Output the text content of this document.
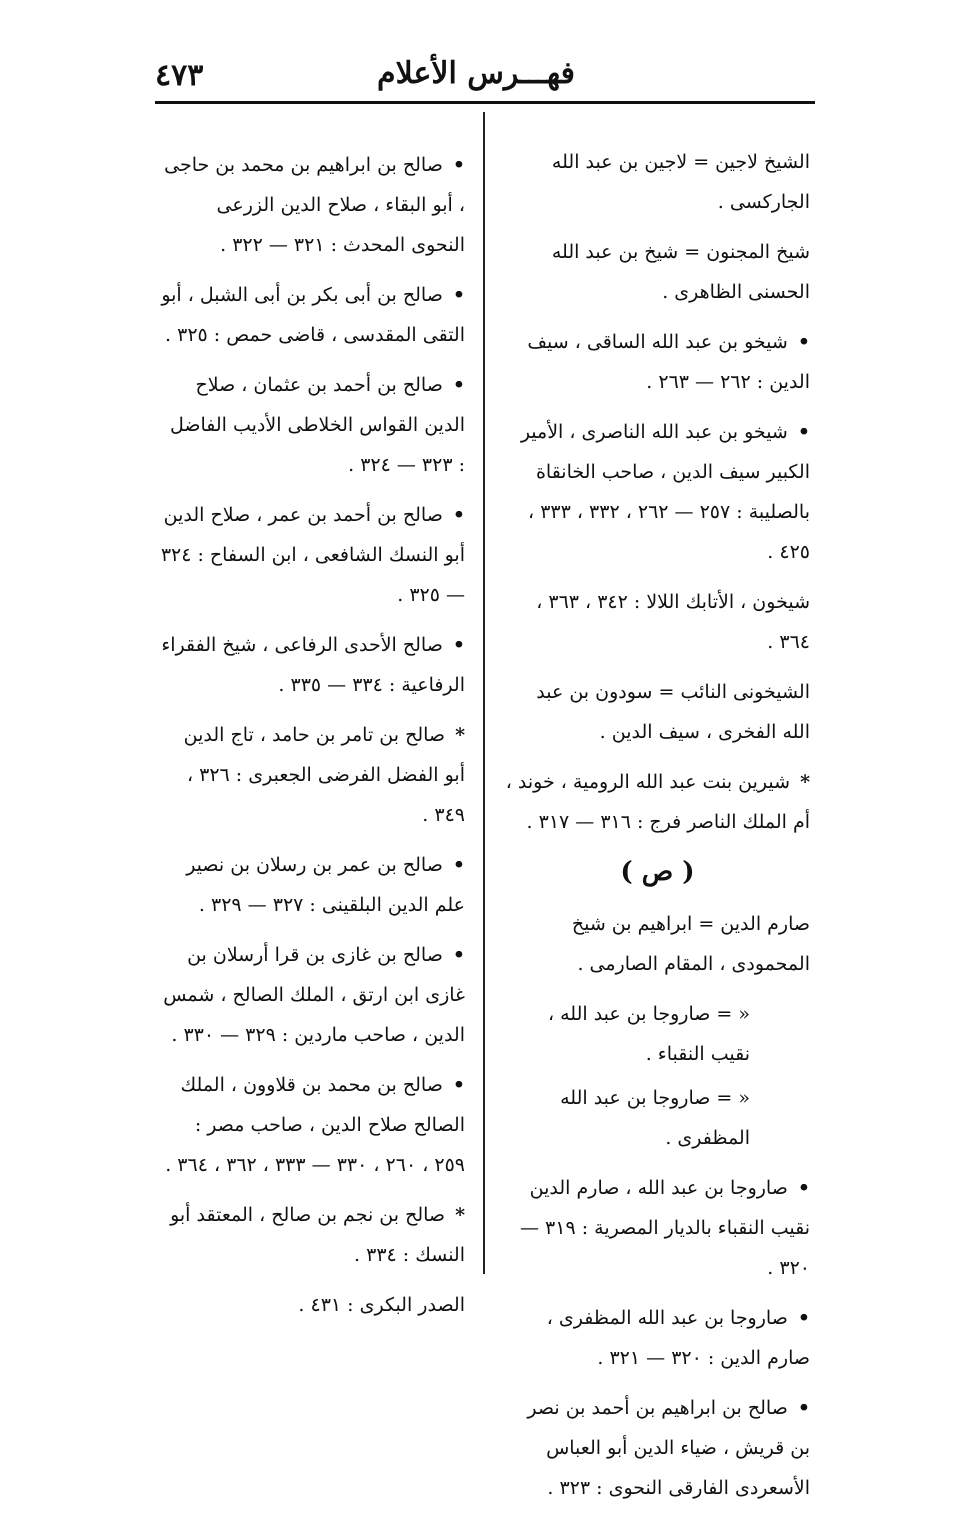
٤٧٣	فهـــرس الأعلام
الشيخ لاجين = لاجين بن عبد الله الجاركسى .
شيخ المجنون = شيخ بن عبد الله الحسنى الظاهرى .
•شيخو بن عبد الله الساقى ، سيف الدين : ٢٦٢ — ٢٦٣ .
•شيخو بن عبد الله الناصرى ، الأمير الكبير سيف الدين ، صاحب الخانقاة بالصليبة : ٢٥٧ — ٢٦٢ ، ٣٣٢ ، ٣٣٣ ، ٤٢٥ .
شيخون ، الأتابك اللالا : ٣٤٢ ، ٣٦٣ ، ٣٦٤ .
الشيخونى النائب = سودون بن عبد الله الفخرى ، سيف الدين .
*شيرين بنت عبد الله الرومية ، خوند ، أم الملك الناصر فرج : ٣١٦ — ٣١٧ .
( ص )
صارم الدين = ابراهيم بن شيخ المحمودى ، المقام الصارمى .
« = صاروجا بن عبد الله ، نقيب النقباء .
« = صاروجا بن عبد الله المظفرى .
•صاروجا بن عبد الله ، صارم الدين نقيب النقباء بالديار المصرية : ٣١٩ — ٣٢٠ .
•صاروجا بن عبد الله المظفرى ، صارم الدين : ٣٢٠ — ٣٢١ .
•صالح بن ابراهيم بن أحمد بن نصر بن قريش ، ضياء الدين أبو العباس الأسعردى الفارقى النحوى : ٣٢٣ .
•صالح بن ابراهيم بن محمد بن حاجى ، أبو البقاء ، صلاح الدين الزرعى النحوى المحدث : ٣٢١ — ٣٢٢ .
•صالح بن أبى بكر بن أبى الشبل ، أبو التقى المقدسى ، قاضى حمص : ٣٢٥ .
•صالح بن أحمد بن عثمان ، صلاح الدين القواس الخلاطى الأديب الفاضل : ٣٢٣ — ٣٢٤ .
•صالح بن أحمد بن عمر ، صلاح الدين أبو النسك الشافعى ، ابن السفاح : ٣٢٤ — ٣٢٥ .
•صالح الأحدى الرفاعى ، شيخ الفقراء الرفاعية : ٣٣٤ — ٣٣٥ .
*صالح بن تامر بن حامد ، تاج الدين أبو الفضل الفرضى الجعبرى : ٣٢٦ ، ٣٤٩ .
•صالح بن عمر بن رسلان بن نصير علم الدين البلقينى : ٣٢٧ — ٣٢٩ .
•صالح بن غازى بن قرا أرسلان بن غازى ابن ارتق ، الملك الصالح ، شمس الدين ، صاحب ماردين : ٣٢٩ — ٣٣٠ .
•صالح بن محمد بن قلاوون ، الملك الصالح صلاح الدين ، صاحب مصر : ٢٥٩ ، ٢٦٠ ، ٣٣٠ — ٣٣٣ ، ٣٦٢ ، ٣٦٤ .
*صالح بن نجم بن صالح ، المعتقد أبو النسك : ٣٣٤ .
الصدر البكرى : ٤٣١ .
